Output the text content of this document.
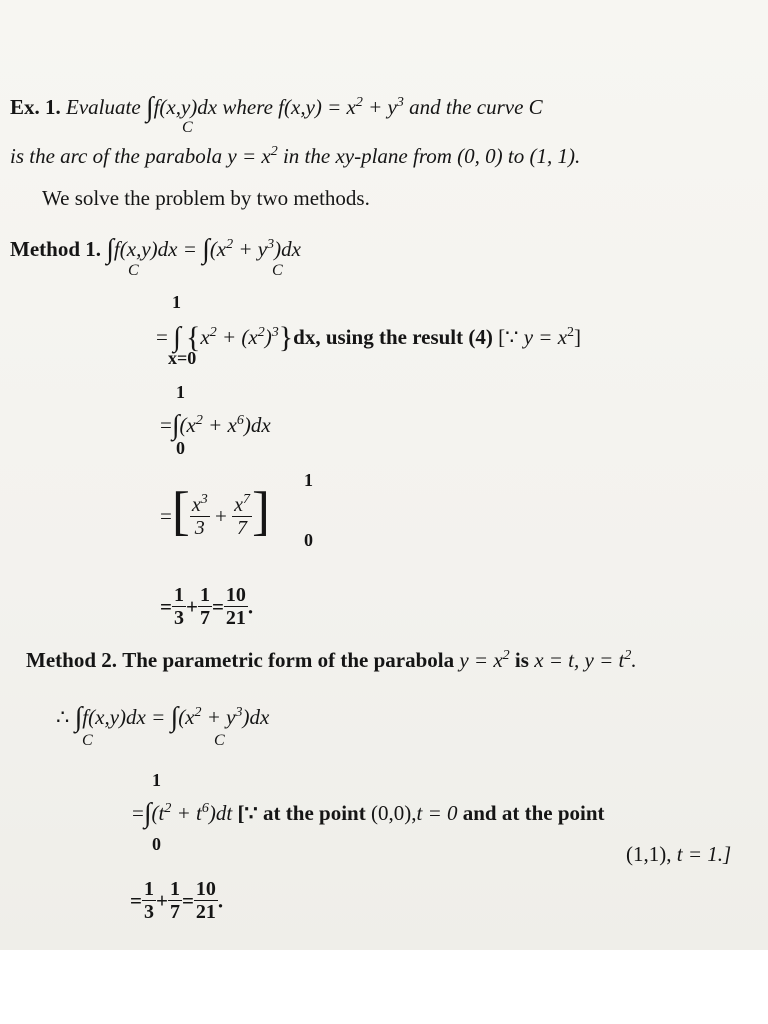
Ex. 1. Evaluate ∫f(x,y)dx where $f(x,y) = x^2 + y^3$ and the curve C
C
is the arc of the parabola $y = x^2$ in the xy-plane from (0, 0) to (1, 1).
We solve the problem by two methods.
Method 1. $\int f(x,y)dx = \int(x^2 + y^3)dx$
C	C
1
= ∫ $\{x^2 + (x^2)^3\}dx$, using the result (4) [∵ $y = x^2$]
x=0
1
$=\int(x^2 + x^6)dx$
0
=[ $\frac{x^3}{3} + \frac{x^7}{7}$ ]
1
0
= $\frac{1}{3} + \frac{1}{7} = \frac{10}{21}$ .
Method 2. The parametric form of the parabola $y = x^2$ is x = t, $y = t^2$.
∴ $\int f(x,y)dx = \int(x^2 + y^3)dx$
C	C
1
$=\int(t^2 + t^6)dt$ [∵ at the point (0,0),t = 0 and at the point
0	(1,1), t = 1.]
= $\frac{1}{3} + \frac{1}{7} = \frac{10}{21}$ .
